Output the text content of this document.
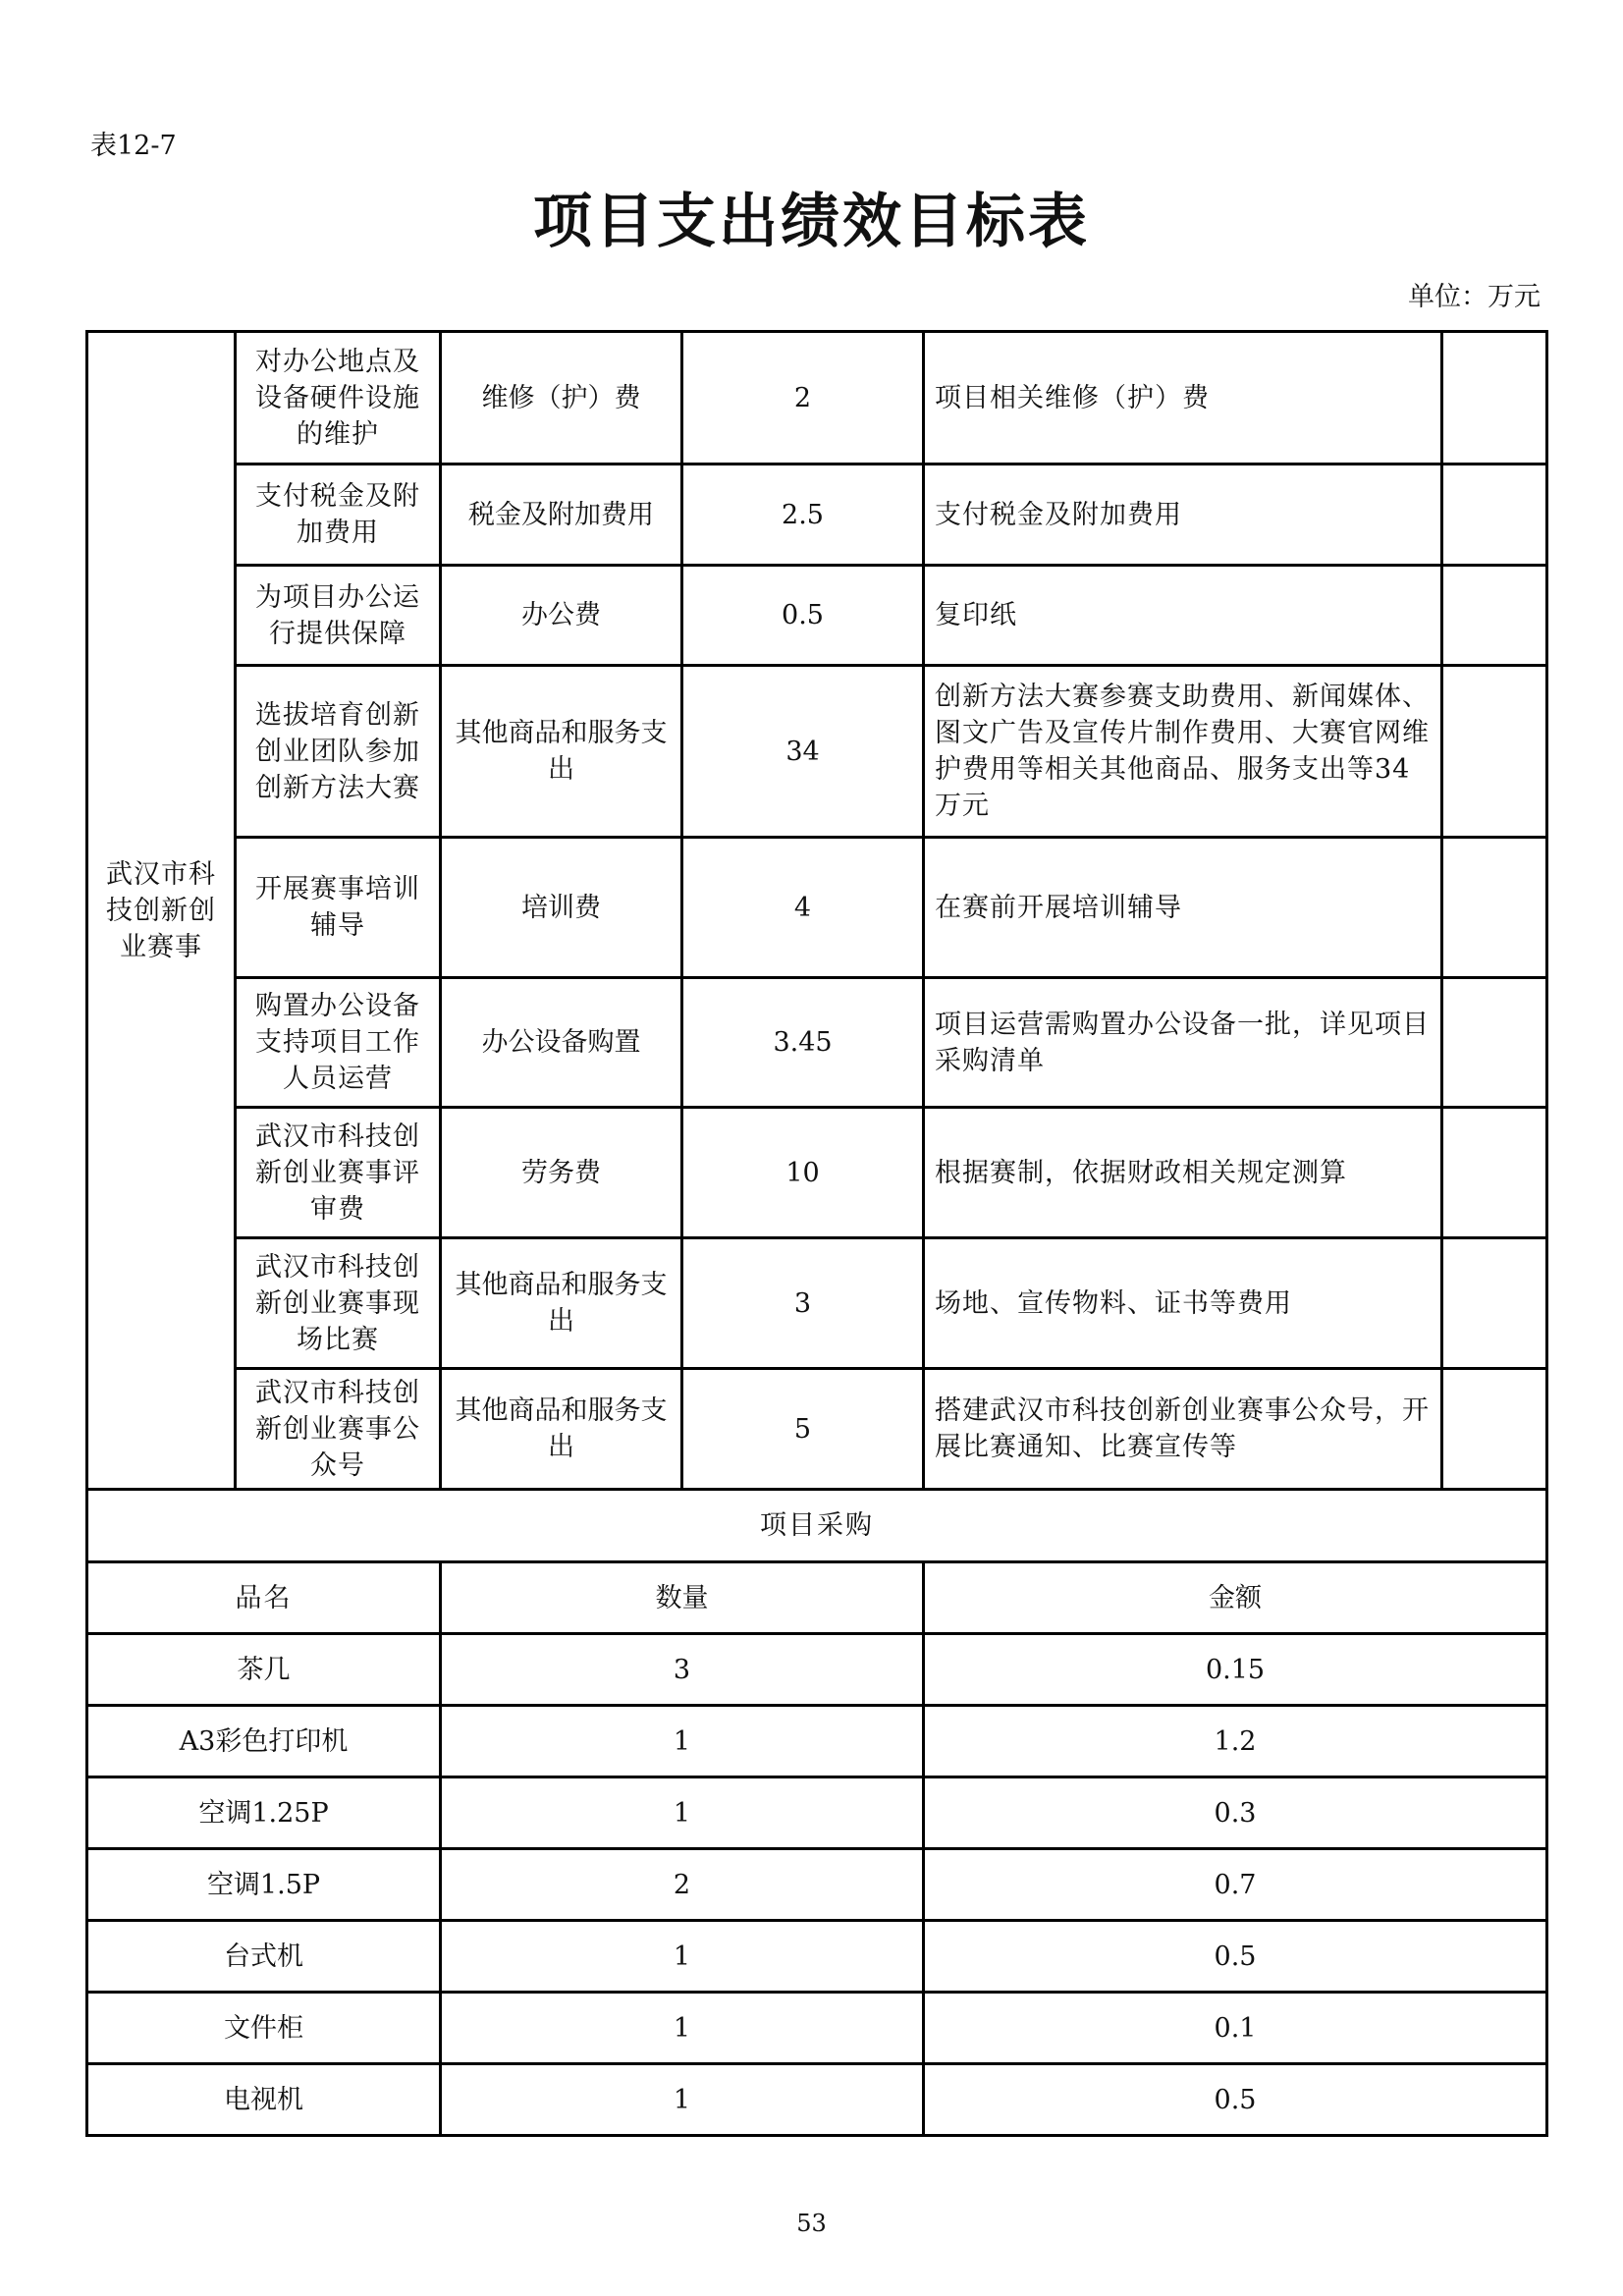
表12-7
项目支出绩效目标表
单位：万元
武汉市科技创新创业赛事	对办公地点及设备硬件设施的维护	维修（护）费	2	项目相关维修（护）费	
	支付税金及附加费用	税金及附加费用	2.5	支付税金及附加费用	
	为项目办公运行提供保障	办公费	0.5	复印纸	
	选拔培育创新创业团队参加创新方法大赛	其他商品和服务支出	34	创新方法大赛参赛支助费用、新闻媒体、图文广告及宣传片制作费用、大赛官网维护费用等相关其他商品、服务支出等34万元	
	开展赛事培训辅导	培训费	4	在赛前开展培训辅导	
	购置办公设备支持项目工作人员运营	办公设备购置	3.45	项目运营需购置办公设备一批，详见项目采购清单	
	武汉市科技创新创业赛事评审费	劳务费	10	根据赛制，依据财政相关规定测算	
	武汉市科技创新创业赛事现场比赛	其他商品和服务支出	3	场地、宣传物料、证书等费用	
	武汉市科技创新创业赛事公众号	其他商品和服务支出	5	搭建武汉市科技创新创业赛事公众号，开展比赛通知、比赛宣传等	
项目采购					
品名		数量		金额	
茶几		3		0.15	
A3彩色打印机		1		1.2	
空调1.25P		1		0.3	
空调1.5P		2		0.7	
台式机		1		0.5	
文件柜		1		0.1	
电视机		1		0.5	
53
